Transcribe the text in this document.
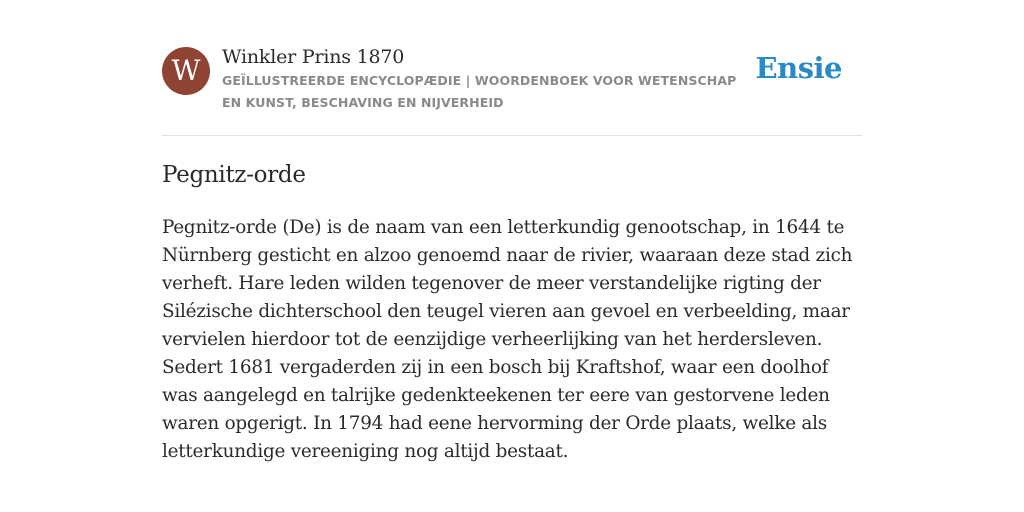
W	Winkler Prins 1870
GEÏLLUSTREERDE ENCYCLOPÆDIE | WOORDENBOEK VOOR WETENSCHAP EN KUNST, BESCHAVING EN NIJVERHEID
Ensie
Pegnitz-orde
Pegnitz-orde (De) is de naam van een letterkundig genootschap, in 1644 te Nürnberg gesticht en alzoo genoemd naar de rivier, waaraan deze stad zich verheft. Hare leden wilden tegenover de meer verstandelijke rigting der Silézische dichterschool den teugel vieren aan gevoel en verbeelding, maar vervielen hierdoor tot de eenzijdige verheerlijking van het herdersleven. Sedert 1681 vergaderden zij in een bosch bij Kraftshof, waar een doolhof was aangelegd en talrijke gedenkteekenen ter eere van gestorvene leden waren opgerigt. In 1794 had eene hervorming der Orde plaats, welke als letterkundige vereeniging nog altijd bestaat.
